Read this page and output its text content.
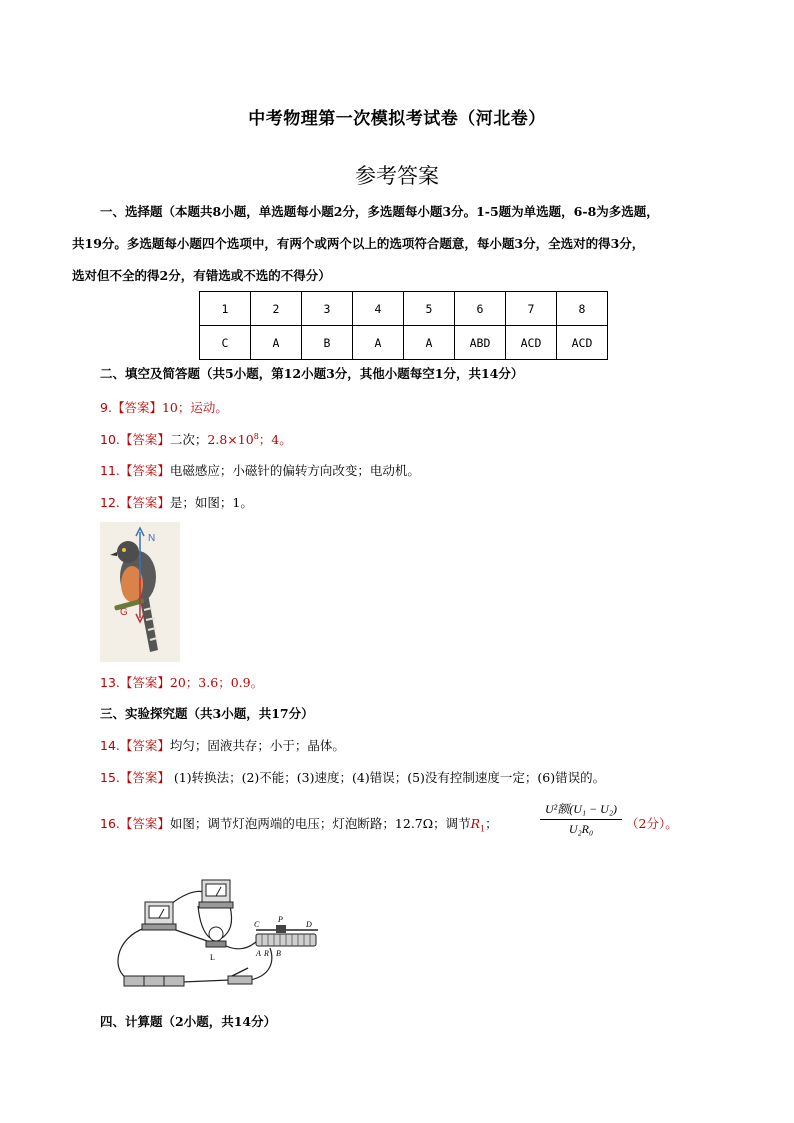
中考物理第一次模拟考试卷（河北卷）
参考答案
一、选择题（本题共8小题，单选题每小题2分，多选题每小题3分。1-5题为单选题，6-8为多选题，
共19分。多选题每小题四个选项中，有两个或两个以上的选项符合题意，每小题3分，全选对的得3分，
选对但不全的得2分，有错选或不选的不得分）
1	2	3	4	5	6	7	8
C	A	B	A	A	ABD	ACD	ACD
二、填空及简答题（共5小题，第12小题3分，其他小题每空1分，共14分）
9.【答案】10；运动。
10.【答案】二次；$2.8\times 10^8$；4。
11.【答案】电磁感应；小磁针的偏转方向改变；电动机。
12.【答案】是；如图；1。
N
G
13.【答案】20；3.6；0.9。
三、实验探究题（共3小题，共17分）
14.【答案】均匀；固液共存；小于；晶体。
15.【答案】 (1)转换法；(2)不能；(3)速度；(4)错误；(5)没有控制速度一定；(6)错误的。
16.【答案】如图；调节灯泡两端的电压；灯泡断路；12.7Ω；调节$R_1$；
U²额(U₁ − U₂)
U₂R₀	（2分）。
L
C
P
D
A R B
四、计算题（2小题，共14分）
